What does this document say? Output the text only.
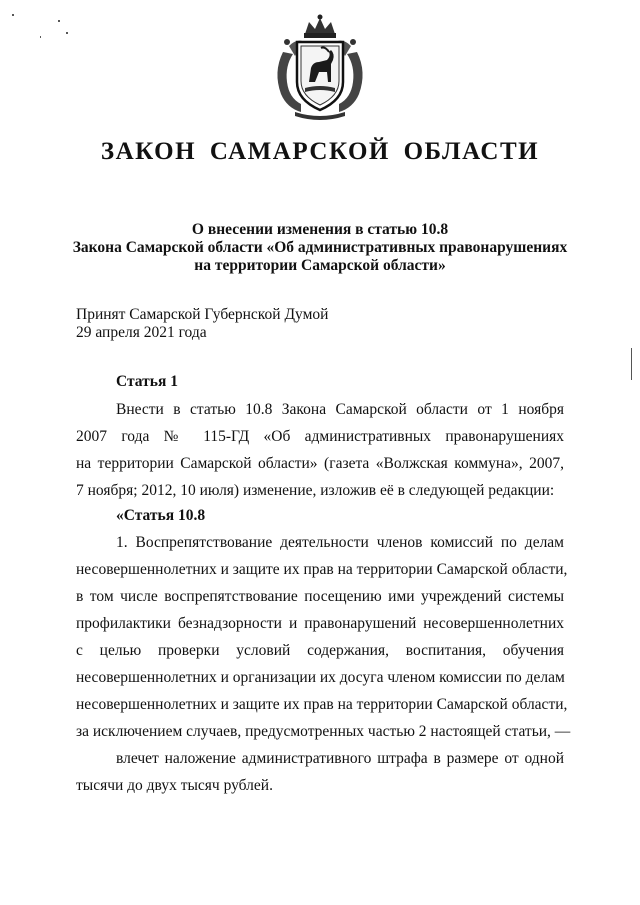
ЗАКОН САМАРСКОЙ ОБЛАСТИ
О внесении изменения в статью 10.8
Закона Самарской области «Об административных правонарушениях
на территории Самарской области»
Принят Самарской Губернской Думой
29 апреля 2021 года
Статья 1
Внести в статью 10.8 Закона Самарской области от 1 ноября
2007 года № 115-ГД «Об административных правонарушениях
на территории Самарской области» (газета «Волжская коммуна», 2007,
7 ноября; 2012, 10 июля) изменение, изложив её в следующей редакции:
«Статья 10.8
1. Воспрепятствование деятельности членов комиссий по делам
несовершеннолетних и защите их прав на территории Самарской области,
в том числе воспрепятствование посещению ими учреждений системы
профилактики безнадзорности и правонарушений несовершеннолетних
с целью проверки условий содержания, воспитания, обучения
несовершеннолетних и организации их досуга членом комиссии по делам
несовершеннолетних и защите их прав на территории Самарской области,
за исключением случаев, предусмотренных частью 2 настоящей статьи, —
влечет наложение административного штрафа в размере от одной
тысячи до двух тысяч рублей.
